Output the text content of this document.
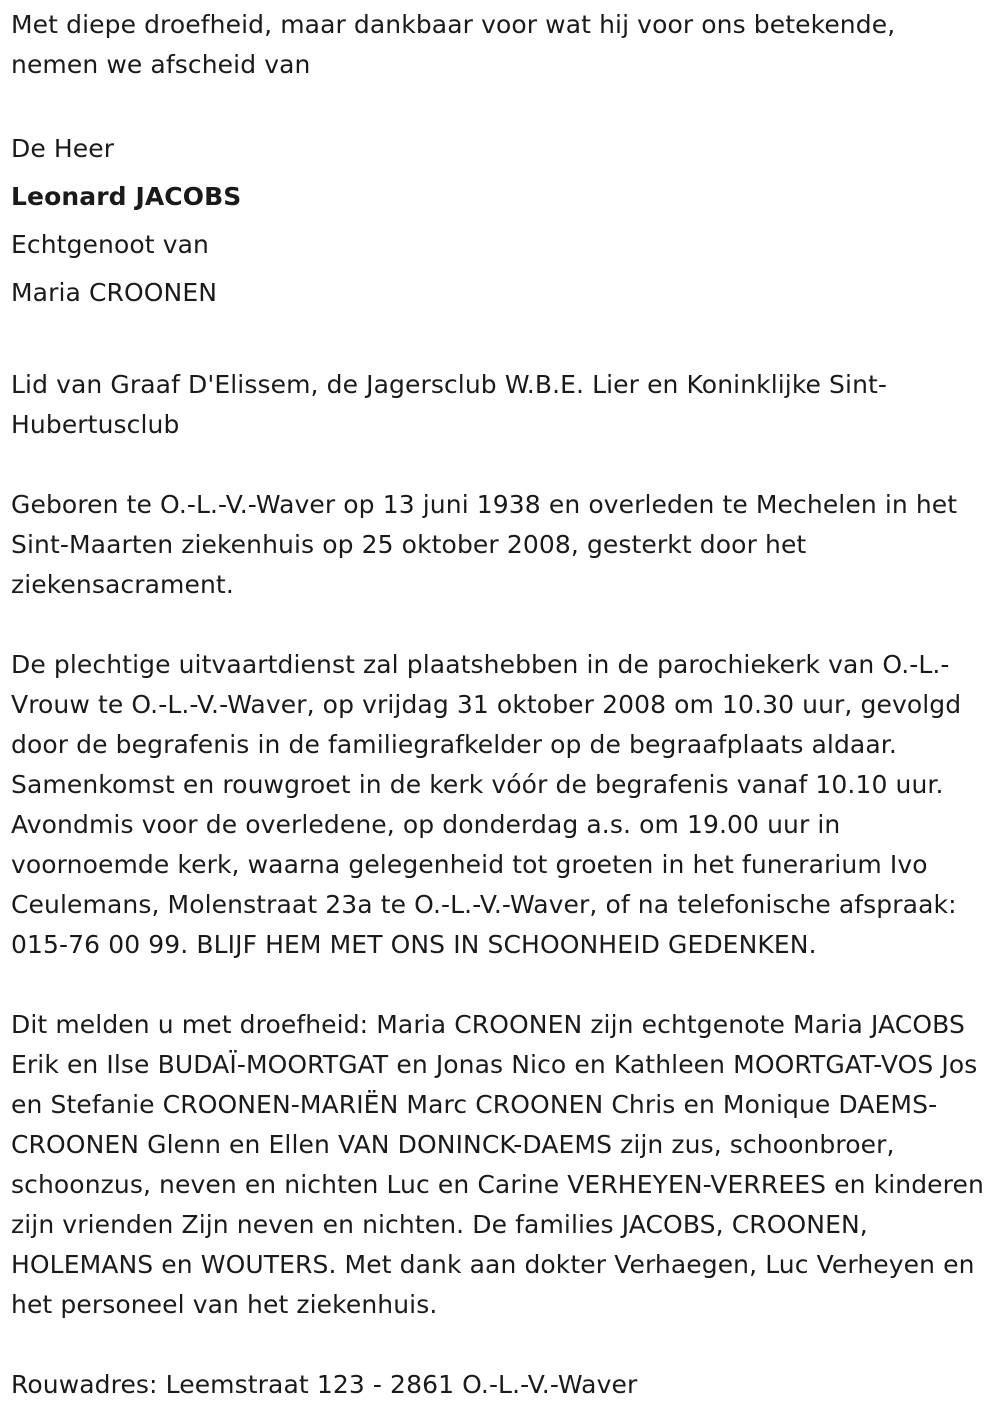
Met diepe droefheid, maar dankbaar voor wat hij voor ons betekende, nemen we afscheid van

De Heer

Leonard JACOBS

Echtgenoot van

Maria CROONEN

Lid van Graaf D'Elissem, de Jagersclub W.B.E. Lier en Koninklijke Sint-Hubertusclub

Geboren te O.-L.-V.-Waver op 13 juni 1938 en overleden te Mechelen in het Sint-Maarten ziekenhuis op 25 oktober 2008, gesterkt door het ziekensacrament.

De plechtige uitvaartdienst zal plaatshebben in de parochiekerk van O.-L.-Vrouw te O.-L.-V.-Waver, op vrijdag 31 oktober 2008 om 10.30 uur, gevolgd door de begrafenis in de familiegrafkelder op de begraafplaats aldaar. Samenkomst en rouwgroet in de kerk vóór de begrafenis vanaf 10.10 uur. Avondmis voor de overledene, op donderdag a.s. om 19.00 uur in voornoemde kerk, waarna gelegenheid tot groeten in het funerarium Ivo Ceulemans, Molenstraat 23a te O.-L.-V.-Waver, of na telefonische afspraak: 015-76 00 99. BLIJF HEM MET ONS IN SCHOONHEID GEDENKEN.

Dit melden u met droefheid: Maria CROONEN zijn echtgenote Maria JACOBS Erik en Ilse BUDAÏ-MOORTGAT en Jonas Nico en Kathleen MOORTGAT-VOS Jos en Stefanie CROONEN-MARIËN Marc CROONEN Chris en Monique DAEMS-CROONEN Glenn en Ellen VAN DONINCK-DAEMS zijn zus, schoonbroer, schoonzus, neven en nichten Luc en Carine VERHEYEN-VERREES en kinderen zijn vrienden Zijn neven en nichten. De families JACOBS, CROONEN, HOLEMANS en WOUTERS. Met dank aan dokter Verhaegen, Luc Verheyen en het personeel van het ziekenhuis.

Rouwadres: Leemstraat 123 - 2861 O.-L.-V.-Waver
